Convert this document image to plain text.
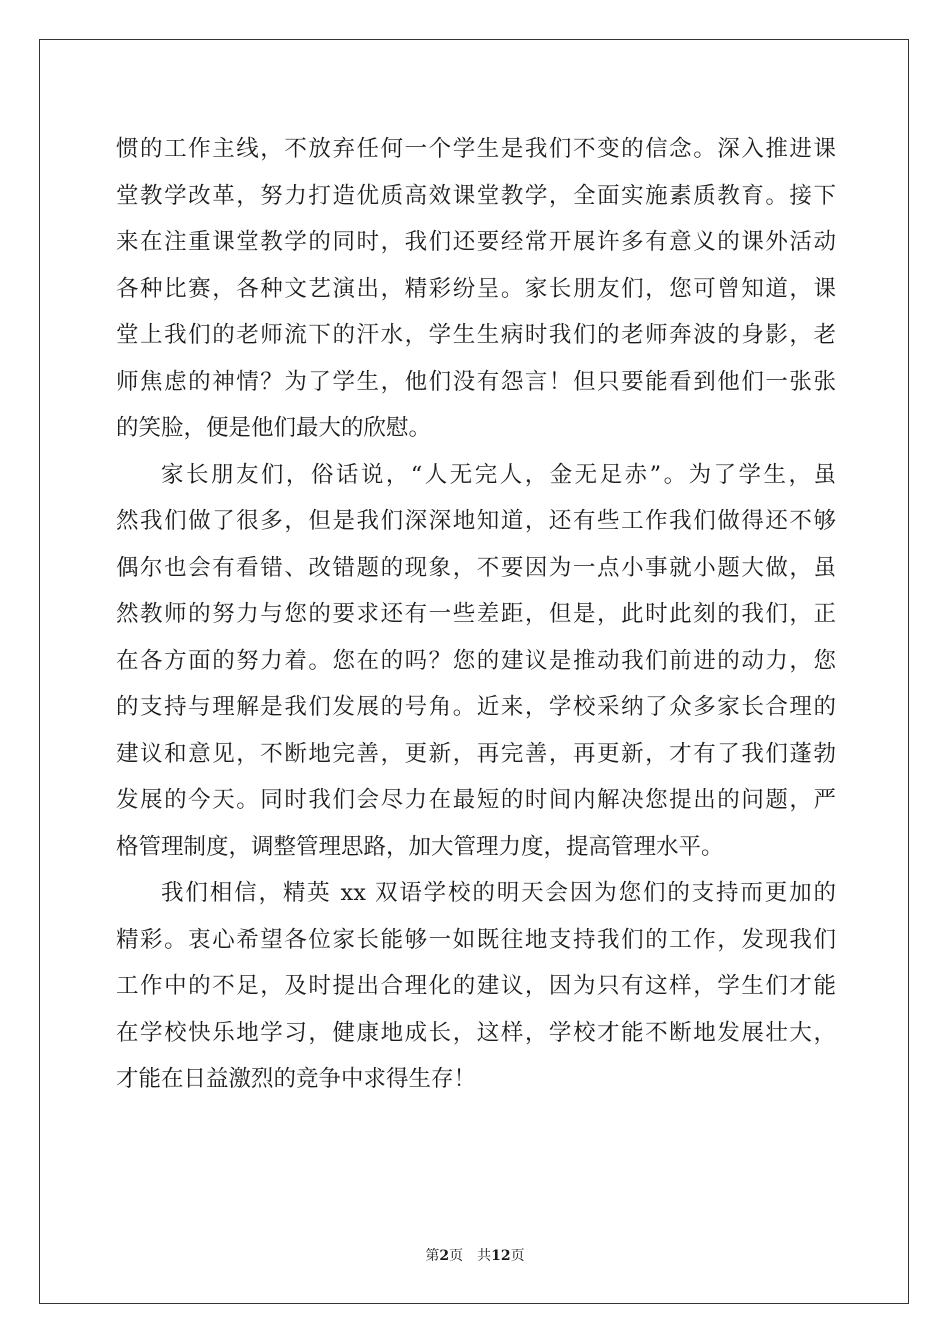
惯的工作主线，不放弃任何一个学生是我们不变的信念。深入推进课
堂教学改革，努力打造优质高效课堂教学，全面实施素质教育。接下
来在注重课堂教学的同时，我们还要经常开展许多有意义的课外活动
各种比赛，各种文艺演出，精彩纷呈。家长朋友们，您可曾知道，课
堂上我们的老师流下的汗水，学生生病时我们的老师奔波的身影，老
师焦虑的神情？为了学生，他们没有怨言！但只要能看到他们一张张
的笑脸，便是他们最大的欣慰。
家长朋友们，俗话说，“人无完人，金无足赤”。为了学生，虽
然我们做了很多，但是我们深深地知道，还有些工作我们做得还不够
偶尔也会有看错、改错题的现象，不要因为一点小事就小题大做，虽
然教师的努力与您的要求还有一些差距，但是，此时此刻的我们，正
在各方面的努力着。您在的吗？您的建议是推动我们前进的动力，您
的支持与理解是我们发展的号角。近来，学校采纳了众多家长合理的
建议和意见，不断地完善，更新，再完善，再更新，才有了我们蓬勃
发展的今天。同时我们会尽力在最短的时间内解决您提出的问题，严
格管理制度，调整管理思路，加大管理力度，提高管理水平。
我们相信，精英 xx 双语学校的明天会因为您们的支持而更加的
精彩。衷心希望各位家长能够一如既往地支持我们的工作，发现我们
工作中的不足，及时提出合理化的建议，因为只有这样，学生们才能
在学校快乐地学习，健康地成长，这样，学校才能不断地发展壮大，
才能在日益激烈的竞争中求得生存！
第2页 共12页
